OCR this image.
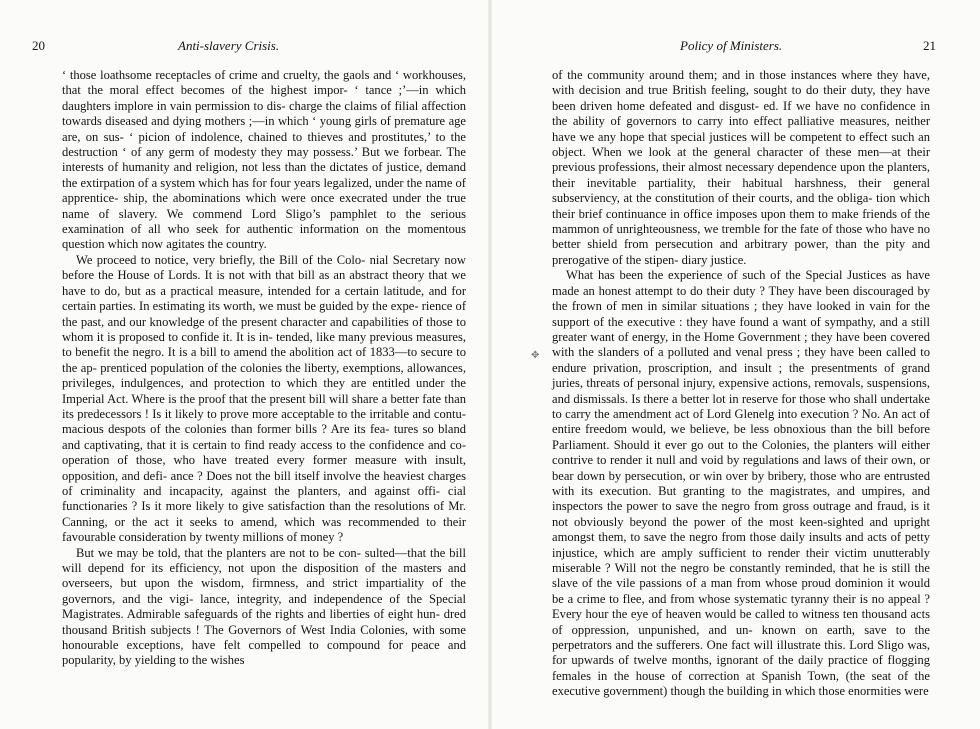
20	Anti-slavery Crisis.

‘ those loathsome receptacles of crime and cruelty, the gaols and ‘ workhouses, that the moral effect becomes of the highest impor- ‘ tance ;’—in which daughters implore in vain permission to dis- charge the claims of filial affection towards diseased and dying mothers ;—in which ‘ young girls of premature age are, on sus- ‘ picion of indolence, chained to thieves and prostitutes,’ to the destruction ‘ of any germ of modesty they may possess.’ But we forbear. The interests of humanity and religion, not less than the dictates of justice, demand the extirpation of a system which has for four years legalized, under the name of apprentice- ship, the abominations which were once execrated under the true name of slavery. We commend Lord Sligo’s pamphlet to the serious examination of all who seek for authentic information on the momentous question which now agitates the country.

We proceed to notice, very briefly, the Bill of the Colo- nial Secretary now before the House of Lords. It is not with that bill as an abstract theory that we have to do, but as a practical measure, intended for a certain latitude, and for certain parties. In estimating its worth, we must be guided by the expe- rience of the past, and our knowledge of the present character and capabilities of those to whom it is proposed to confide it. It is in- tended, like many previous measures, to benefit the negro. It is a bill to amend the abolition act of 1833—to secure to the ap- prenticed population of the colonies the liberty, exemptions, allowances, privileges, indulgences, and protection to which they are entitled under the Imperial Act. Where is the proof that the present bill will share a better fate than its predecessors ! Is it likely to prove more acceptable to the irritable and contu- macious despots of the colonies than former bills ? Are its fea- tures so bland and captivating, that it is certain to find ready access to the confidence and co-operation of those, who have treated every former measure with insult, opposition, and defi- ance ? Does not the bill itself involve the heaviest charges of criminality and incapacity, against the planters, and against offi- cial functionaries ? Is it more likely to give satisfaction than the resolutions of Mr. Canning, or the act it seeks to amend, which was recommended to their favourable consideration by twenty millions of money ?

But we may be told, that the planters are not to be con- sulted—that the bill will depend for its efficiency, not upon the disposition of the masters and overseers, but upon the wisdom, firmness, and strict impartiality of the governors, and the vigi- lance, integrity, and independence of the Special Magistrates. Admirable safeguards of the rights and liberties of eight hun- dred thousand British subjects ! The Governors of West India Colonies, with some honourable exceptions, have felt compelled to compound for peace and popularity, by yielding to the wishes

Policy of Ministers.	21

of the community around them; and in those instances where they have, with decision and true British feeling, sought to do their duty, they have been driven home defeated and disgust- ed. If we have no confidence in the ability of governors to carry into effect palliative measures, neither have we any hope that special justices will be competent to effect such an object. When we look at the general character of these men—at their previous professions, their almost necessary dependence upon the planters, their inevitable partiality, their habitual harshness, their general subserviency, at the constitution of their courts, and the obliga- tion which their brief continuance in office imposes upon them to make friends of the mammon of unrighteousness, we tremble for the fate of those who have no better shield from persecution and arbitrary power, than the pity and prerogative of the stipen- diary justice.

What has been the experience of such of the Special Justices as have made an honest attempt to do their duty ? They have been discouraged by the frown of men in similar situations ; they have looked in vain for the support of the executive : they have found a want of sympathy, and a still greater want of energy, in the Home Government ; they have been covered with the slanders of a polluted and venal press ; they have been called to endure privation, proscription, and insult ; the presentments of grand juries, threats of personal injury, expensive actions, removals, suspensions, and dismissals. Is there a better lot in reserve for those who shall undertake to carry the amendment act of Lord Glenelg into execution ? No. An act of entire freedom would, we believe, be less obnoxious than the bill before Parliament. Should it ever go out to the Colonies, the planters will either contrive to render it null and void by regulations and laws of their own, or bear down by persecution, or win over by bribery, those who are entrusted with its execution. But granting to the magistrates, and umpires, and inspectors the power to save the negro from gross outrage and fraud, is it not obviously beyond the power of the most keen-sighted and upright amongst them, to save the negro from those daily insults and acts of petty injustice, which are amply sufficient to render their victim unutterably miserable ? Will not the negro be constantly reminded, that he is still the slave of the vile passions of a man from whose proud dominion it would be a crime to flee, and from whose systematic tyranny their is no appeal ? Every hour the eye of heaven would be called to witness ten thousand acts of oppression, unpunished, and un- known on earth, save to the perpetrators and the sufferers. One fact will illustrate this. Lord Sligo was, for upwards of twelve months, ignorant of the daily practice of flogging females in the house of correction at Spanish Town, (the seat of the executive government) though the building in which those enormities were

✥
